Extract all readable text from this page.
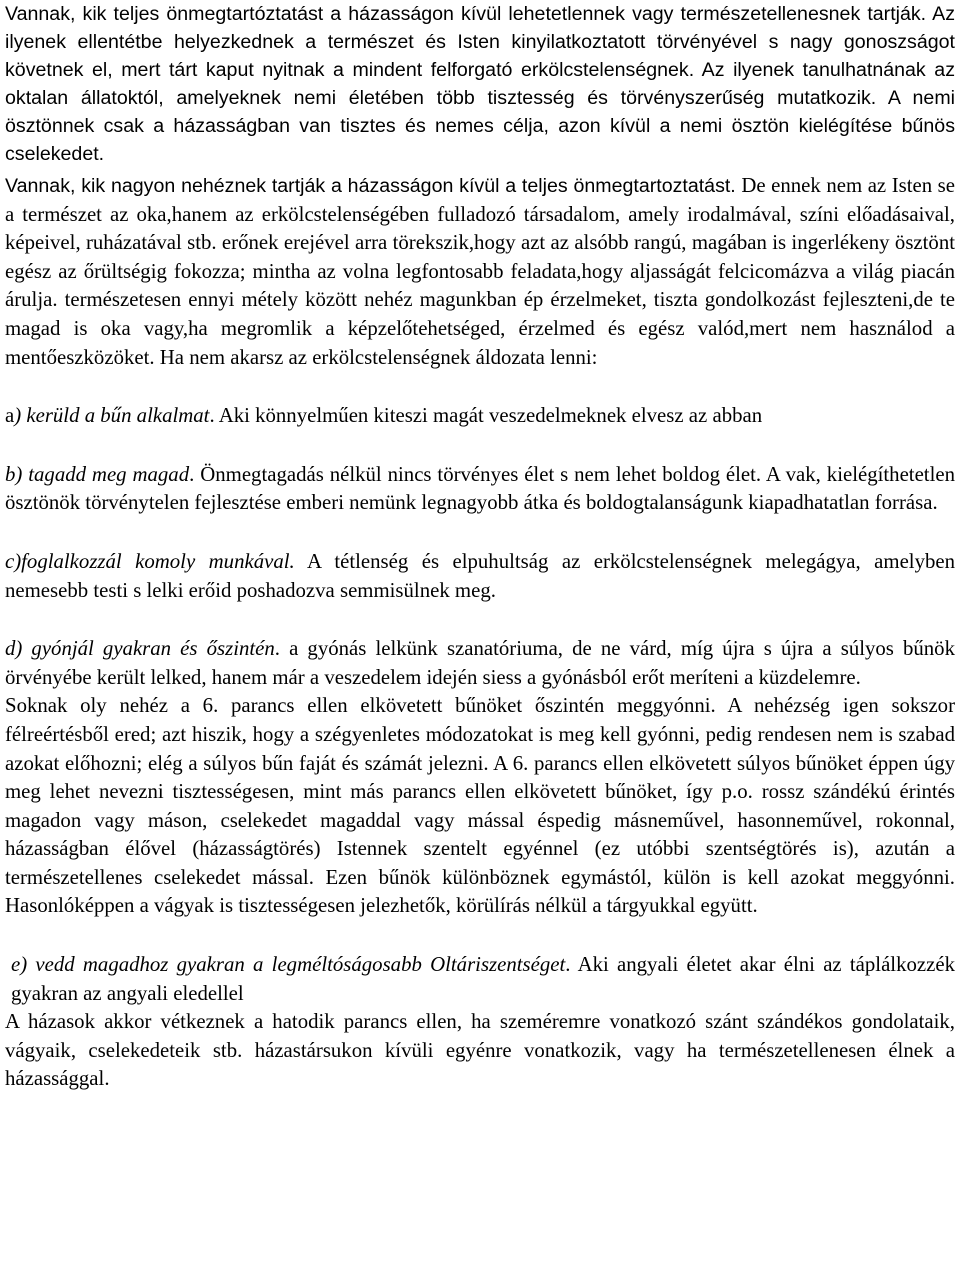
Vannak, kik teljes önmegtartóztatást a házasságon kívül lehetetlennek vagy természetellenesnek tartják. Az ilyenek ellentétbe helyezkednek a természet és Isten kinyilatkoztatott törvényével s nagy gonoszságot követnek el, mert tárt kaput nyitnak a mindent felforgató erkölcstelenségnek. Az ilyenek tanulhatnának az oktalan állatoktól, amelyeknek nemi életében több tisztesség és törvényszerűség mutatkozik. A nemi ösztönnek csak a házasságban van tisztes és nemes célja, azon kívül a nemi ösztön kielégítése bűnös cselekedet.

Vannak, kik nagyon nehéznek tartják a házasságon kívül a teljes önmegtartoztatást. De ennek nem az Isten se a természet az oka,hanem az erkölcstelenségében fulladozó társadalom, amely irodalmával, színi előadásaival, képeivel, ruházatával stb. erőnek erejével arra törekszik,hogy azt az alsóbb rangú, magában is ingerlékeny ösztönt egész az őrültségig fokozza; mintha az volna legfontosabb feladata,hogy aljasságát felcicomázva a világ piacán árulja. természetesen ennyi métely között nehéz magunkban ép érzelmeket, tiszta gondolkozást fejleszteni,de te magad is oka vagy,ha megromlik a képzelőtehetséged, érzelmed és egész valód,mert nem használod a mentőeszközöket. Ha nem akarsz az erkölcstelenségnek áldozata lenni:

a) kerüld a bűn alkalmat. Aki könnyelműen kiteszi magát veszedelmeknek elvesz az abban

b) tagadd meg magad. Önmegtagadás nélkül nincs törvényes élet s nem lehet boldog élet. A vak, kielégíthetetlen ösztönök törvénytelen fejlesztése emberi nemünk legnagyobb átka és boldogtalanságunk kiapadhatatlan forrása.

c)foglalkozzál komoly munkával. A tétlenség és elpuhultság az erkölcstelenségnek melegágya, amelyben nemesebb testi s lelki erőid poshadozva semmisülnek meg.

d) gyónjál gyakran és őszintén. a gyónás lelkünk szanatóriuma, de ne várd, míg újra s újra a súlyos bűnök örvényébe került lelked, hanem már a veszedelem idején siess a gyónásból erőt meríteni a küzdelemre.

Soknak oly nehéz a 6. parancs ellen elkövetett bűnöket őszintén meggyónni. A nehézség igen sokszor félreértésből ered; azt hiszik, hogy a szégyenletes módozatokat is meg kell gyónni, pedig rendesen nem is szabad azokat előhozni; elég a súlyos bűn faját és számát jelezni. A 6. parancs ellen elkövetett súlyos bűnöket éppen úgy meg lehet nevezni tisztességesen, mint más parancs ellen elkövetett bűnöket, így p.o. rossz szándékú érintés magadon vagy máson, cselekedet magaddal vagy mással éspedig másneművel, hasonneművel, rokonnal, házasságban élővel (házasságtörés) Istennek szentelt egyénnel (ez utóbbi szentségtörés is), azután a természetellenes cselekedet mással. Ezen bűnök különböznek egymástól, külön is kell azokat meggyónni. Hasonlóképpen a vágyak is tisztességesen jelezhetők, körülírás nélkül a tárgyukkal együtt.

e) vedd magadhoz gyakran a legméltóságosabb Oltáriszentséget. Aki angyali életet akar élni az táplálkozzék gyakran az angyali eledellel

A házasok akkor vétkeznek a hatodik parancs ellen, ha szeméremre vonatkozó szánt szándékos gondolataik, vágyaik, cselekedeteik stb. házastársukon kívüli egyénre vonatkozik, vagy ha természetellenesen élnek a házassággal.
